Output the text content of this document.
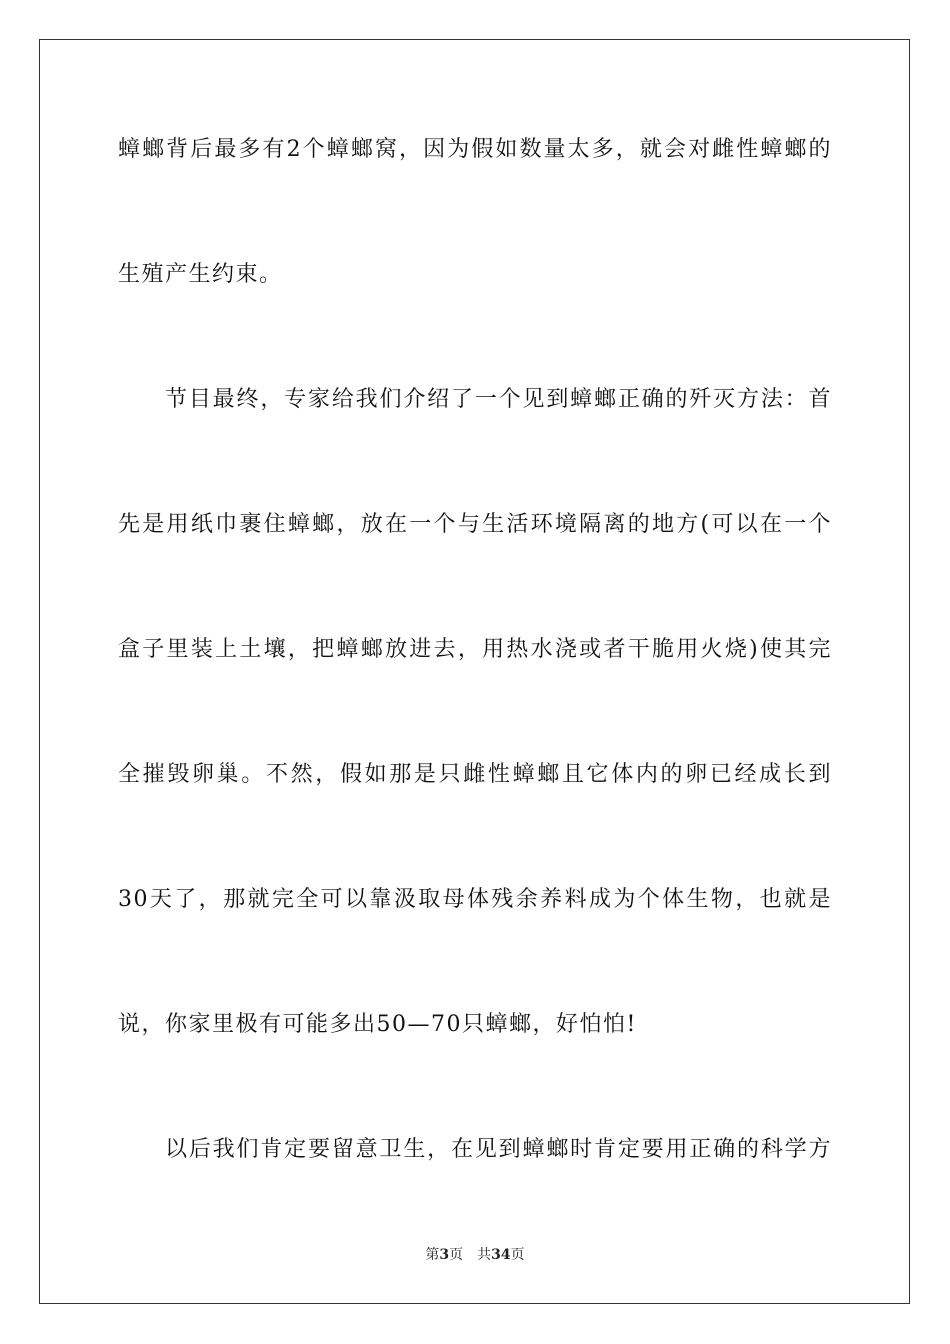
蟑螂背后最多有2个蟑螂窝，因为假如数量太多，就会对雌性蟑螂的
生殖产生约束。
节目最终，专家给我们介绍了一个见到蟑螂正确的歼灭方法：首
先是用纸巾裹住蟑螂，放在一个与生活环境隔离的地方(可以在一个
盒子里装上土壤，把蟑螂放进去，用热水浇或者干脆用火烧)使其完
全摧毁卵巢。不然，假如那是只雌性蟑螂且它体内的卵已经成长到
30天了，那就完全可以靠汲取母体残余养料成为个体生物，也就是
说，你家里极有可能多出50—70只蟑螂，好怕怕!
以后我们肯定要留意卫生，在见到蟑螂时肯定要用正确的科学方
第3页 共34页
